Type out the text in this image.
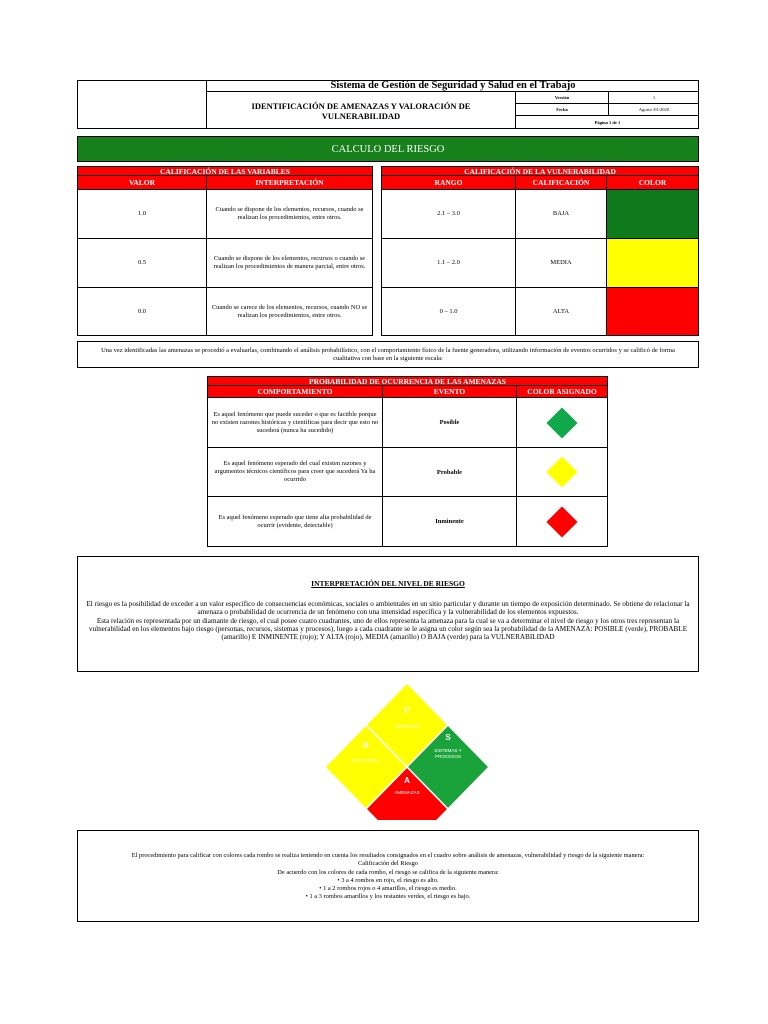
Sistema de Gestión de Seguridad y Salud en el Trabajo
IDENTIFICACIÓN DE AMENAZAS Y VALORACIÓN DE VULNERABILIDAD
Versión	1
Fecha	Agosto /01/2020
Página 1 de 1
CALCULO DEL RIESGO
CALIFICACIÓN DE LAS VARIABLES
VALOR	INTERPRETACIÓN
1.0
Cuando se dispone de los elementos, recursos, cuando se realizan los procedimientos, entre otros.
0.5
Cuando se dispone de los elementos, recursos o cuando se realizan los procedimientos de manera parcial, entre otros.
0.0
Cuando se carece de los elementos, recursos, cuando NO se realizan los procedimientos, entre otros.
CALIFICACIÓN DE LA VULNERABILIDAD
RANGO	CALIFICACIÓN	COLOR
2.1 – 3.0	BAJA
1.1 – 2.0	MEDIA
0 – 1.0	ALTA
Una vez identificadas las amenazas se procedió a evaluarlas, combinando el análisis probabilístico, con el comportamiento físico de la fuente generadora, utilizando información de eventos ocurridos y se calificó de forma cualitativa con base en la siguiente escala:
PROBABILIDAD DE OCURRENCIA DE LAS AMENAZAS
COMPORTAMIENTO	EVENTO	COLOR ASIGNADO
Es aquel fenómeno que puede suceder o que es factible porque no existen razones históricas y científicas para decir que esto no sucederá (nunca ha sucedido)
Posible
Es aquel fenómeno esperado del cual existen razones y argumentos técnicos científicos para creer que sucederá Ya ha ocurrido
Probable
Es aquel fenómeno esperado que tiene alta probabilidad de ocurrir (evidente, detectable)	Inminente
INTERPRETACIÓN DEL NIVEL DE RIESGO
El riesgo es la posibilidad de exceder a un valor específico de consecuencias económicas, sociales o ambientales en un sitio particular y durante un tiempo de exposición determinado. Se obtiene de relacionar la amenaza o probabilidad de ocurrencia de un fenómeno con una intensidad específica y la vulnerabilidad de los elementos expuestos.
Esta relación es representada por un diamante de riesgo, el cual posee cuatro cuadrantes, uno de ellos representa la amenaza para la cual se va a determinar el nivel de riesgo y los otros tres representan la vulnerabilidad en los elementos bajo riesgo (personas, recursos, sistemas y procesos), luego a cada cuadrante se le asigna un color según sea la probabilidad de la AMENAZA: POSIBLE (verde), PROBABLE (amarillo) E INMINENTE (rojo); Y ALTA (rojo), MEDIA (amarillo) O BAJA (verde) para la VULNERABILIDAD
P
PERSONAS
R
RECURSOS
S
SISTEMAS Y
PROCESOS
A
AMENAZAS
El procedimiento para calificar con colores cada rombo se realiza teniendo en cuenta los resultados consignados en el cuadro sobre análisis de amenazas, vulnerabilidad y riesgo de la siguiente manera:
Calificación del Riesgo
De acuerdo con los colores de cada rombo, el riesgo se califica de la siguiente manera:
• 3 a 4 rombos en rojo, el riesgo es alto.
• 1 a 2 rombos rojos o 4 amarillos, el riesgo es medio.
• 1 a 3 rombos amarillos y los restantes verdes, el riesgo es bajo.
